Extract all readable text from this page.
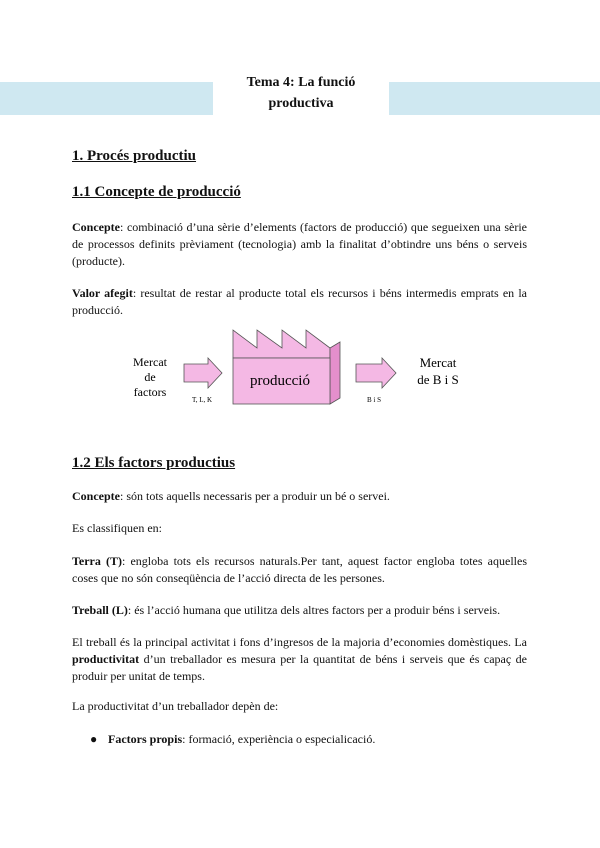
Tema 4: La funció
productiva
1. Procés productiu
1.1 Concepte de producció
Concepte: combinació d’una sèrie d’elements (factors de producció) que segueixen una sèrie de processos definits prèviament (tecnologia) amb la finalitat d’obtindre uns béns o serveis (producte).
Valor afegit: resultat de restar al producte total els recursos i béns intermedis emprats en la producció.
Mercat
de
factors
T, L, K
producció
B i S
Mercat
de B i S
1.2 Els factors productius
Concepte: són tots aquells necessaris per a produir un bé o servei.
Es classifiquen en:
Terra (T): engloba tots els recursos naturals.Per tant, aquest factor engloba totes aquelles coses que no són conseqüència de l’acció directa de les persones.
Treball (L): és l’acció humana que utilitza dels altres factors per a produir béns i serveis.
El treball és la principal activitat i fons d’ingresos de la majoria d’economies domèstiques. La productivitat d’un treballador es mesura per la quantitat de béns i serveis que és capaç de produir per unitat de temps.
La productivitat d’un treballador depèn de:
● Factors propis: formació, experiència o especialicació.
